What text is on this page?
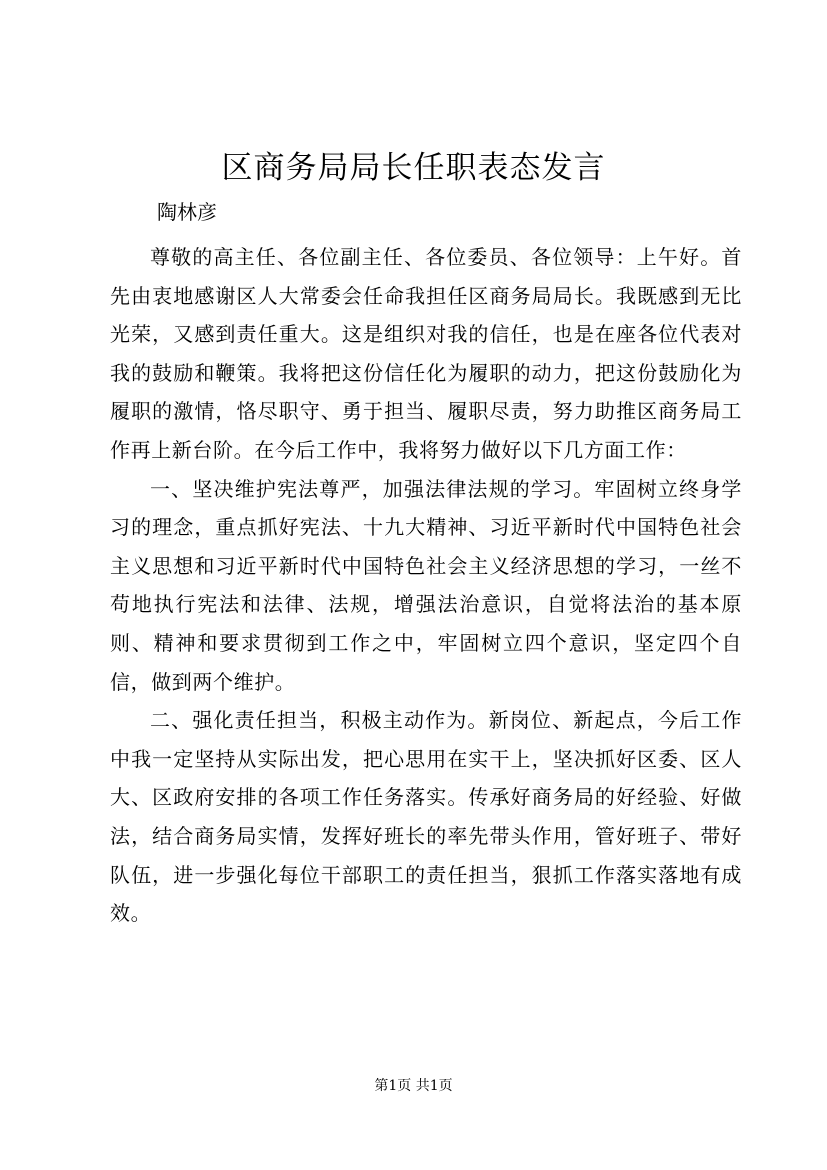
区商务局局长任职表态发言
陶林彦

尊敬的高主任、各位副主任、各位委员、各位领导：上午好。首先由衷地感谢区人大常委会任命我担任区商务局局长。我既感到无比光荣，又感到责任重大。这是组织对我的信任，也是在座各位代表对我的鼓励和鞭策。我将把这份信任化为履职的动力，把这份鼓励化为履职的激情，恪尽职守、勇于担当、履职尽责，努力助推区商务局工作再上新台阶。在今后工作中，我将努力做好以下几方面工作：

一、坚决维护宪法尊严，加强法律法规的学习。牢固树立终身学习的理念，重点抓好宪法、十九大精神、习近平新时代中国特色社会主义思想和习近平新时代中国特色社会主义经济思想的学习，一丝不苟地执行宪法和法律、法规，增强法治意识，自觉将法治的基本原则、精神和要求贯彻到工作之中，牢固树立四个意识，坚定四个自信，做到两个维护。

二、强化责任担当，积极主动作为。新岗位、新起点，今后工作中我一定坚持从实际出发，把心思用在实干上，坚决抓好区委、区人大、区政府安排的各项工作任务落实。传承好商务局的好经验、好做法，结合商务局实情，发挥好班长的率先带头作用，管好班子、带好队伍，进一步强化每位干部职工的责任担当，狠抓工作落实落地有成效。

第1页 共1页
